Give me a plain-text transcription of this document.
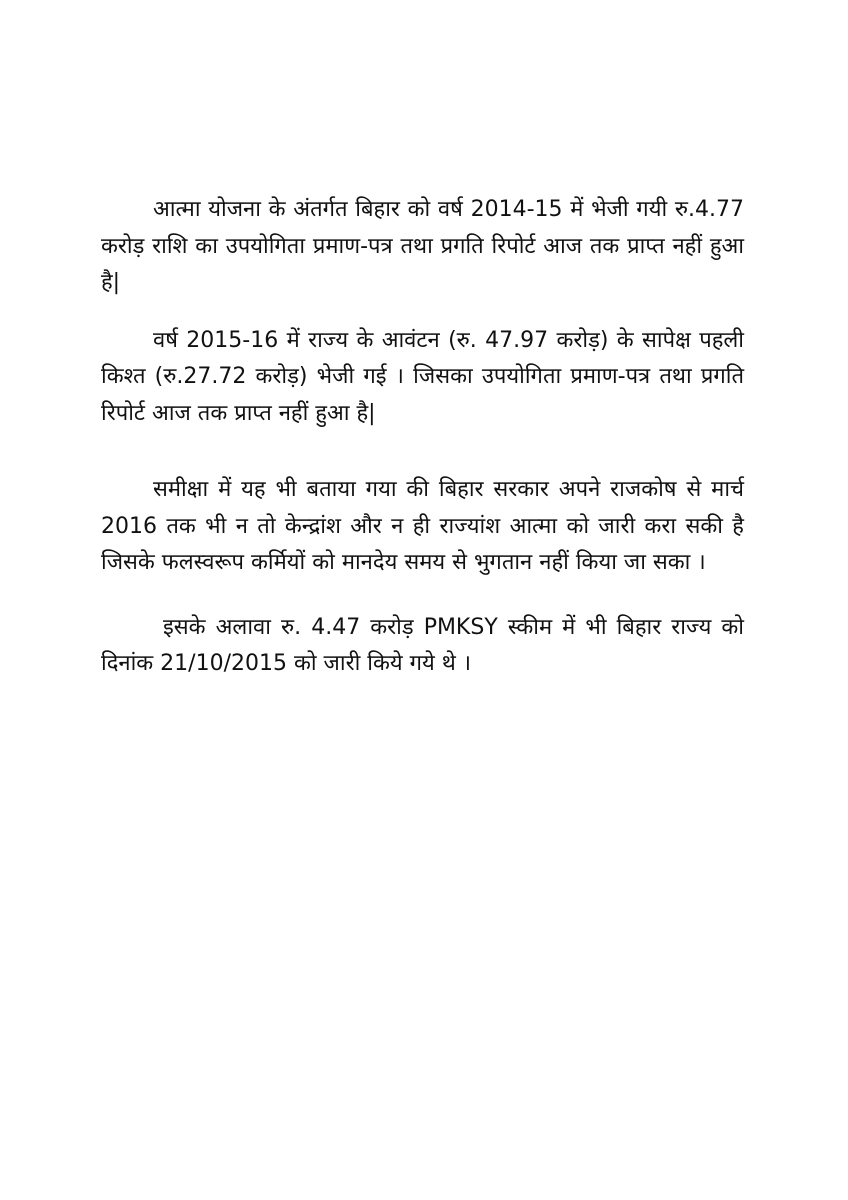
आत्मा योजना के अंतर्गत बिहार को वर्ष 2014-15 में भेजी गयी रु.4.77 करोड़ राशि का उपयोगिता प्रमाण-पत्र तथा प्रगति रिपोर्ट आज तक प्राप्त नहीं हुआ है|

वर्ष 2015-16 में राज्य के आवंटन (रु. 47.97 करोड़) के सापेक्ष पहली किश्त (रु.27.72 करोड़) भेजी गई । जिसका उपयोगिता प्रमाण-पत्र तथा प्रगति रिपोर्ट आज तक प्राप्त नहीं हुआ है|

समीक्षा में यह भी बताया गया की बिहार सरकार अपने राजकोष से मार्च 2016 तक भी न तो केन्द्रांश और न ही राज्यांश आत्मा को जारी करा सकी है जिसके फलस्वरूप कर्मियों को मानदेय समय से भुगतान नहीं किया जा सका ।

इसके अलावा रु. 4.47 करोड़ PMKSY स्कीम में भी बिहार राज्य को दिनांक 21/10/2015 को जारी किये गये थे ।
